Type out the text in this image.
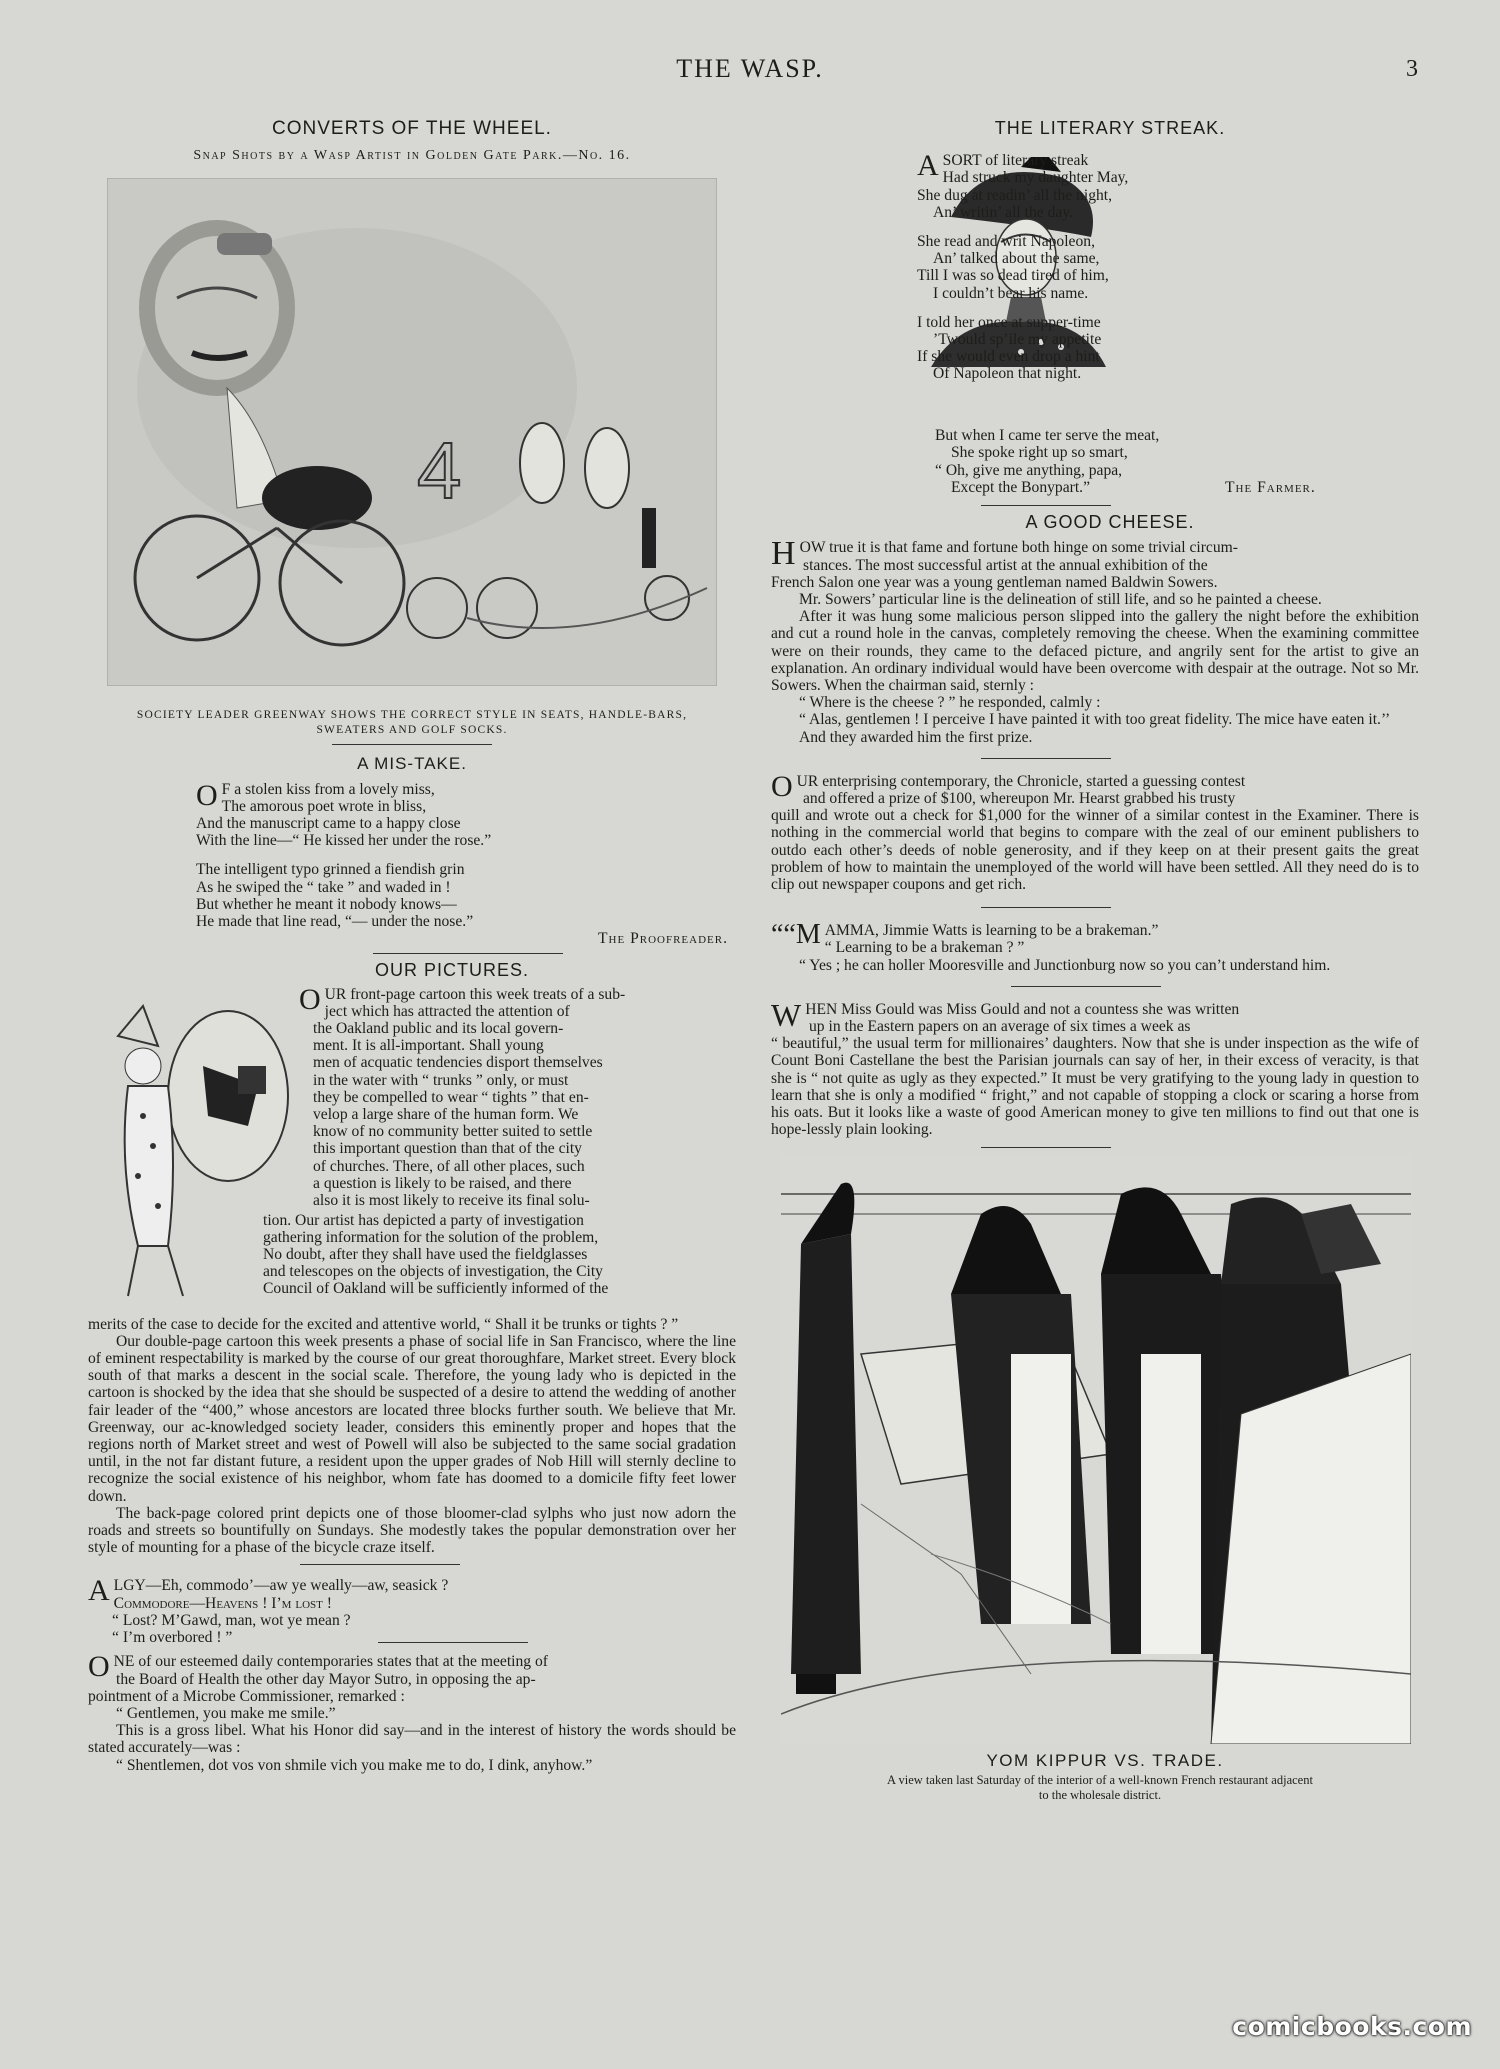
THE WASP.	3
CONVERTS OF THE WHEEL.
Snap Shots by a Wasp Artist in Golden Gate Park.—No. 16.
4
SOCIETY LEADER GREENWAY SHOWS THE CORRECT STYLE IN SEATS, HANDLE-BARS,
SWEATERS AND GOLF SOCKS.
A MIS-TAKE.
O F a stolen kiss from a lovely miss,
The amorous poet wrote in bliss,
And the manuscript came to a happy close
With the line—“ He kissed her under the rose.”
The intelligent typo grinned a fiendish grin
As he swiped the “ take ” and waded in !
But whether he meant it nobody knows—
He made that line read, “— under the nose.”
The Proofreader.
OUR PICTURES.
OUR front-page cartoon this week treats of a sub-
ject which has attracted the attention of
the Oakland public and its local govern-
ment. It is all-important. Shall young
men of acquatic tendencies disport themselves
in the water with “ trunks ” only, or must
they be compelled to wear “ tights ” that en-
velop a large share of the human form. We
know of no community better suited to settle
this important question than that of the city
of churches. There, of all other places, such
a question is likely to be raised, and there
also it is most likely to receive its final solu-
tion. Our artist has depicted a party of investigation
gathering information for the solution of the problem,
No doubt, after they shall have used the fieldglasses
and telescopes on the objects of investigation, the City
Council of Oakland will be sufficiently informed of the

merits of the case to decide for the excited and attentive world, “ Shall it be trunks or tights ? ”

Our double-page cartoon this week presents a phase of social life in San Francisco, where the line of eminent respectability is marked by the course of our great thoroughfare, Market street. Every block south of that marks a descent in the social scale. Therefore, the young lady who is depicted in the cartoon is shocked by the idea that she should be suspected of a desire to attend the wedding of another fair leader of the “400,” whose ancestors are located three blocks further south. We believe that Mr. Greenway, our ac-knowledged society leader, considers this eminently proper and hopes that the regions north of Market street and west of Powell will also be subjected to the same social gradation until, in the not far distant future, a resident upon the upper grades of Nob Hill will sternly decline to recognize the social existence of his neighbor, whom fate has doomed to a domicile fifty feet lower down.

The back-page colored print depicts one of those bloomer-clad sylphs who just now adorn the roads and streets so bountifully on Sundays. She modestly takes the popular demonstration over her style of mounting for a phase of the bicycle craze itself.

ALGY—Eh, commodo’—aw ye weally—aw, seasick ?
Commodore—Heavens ! I’m lost !
“ Lost? M’Gawd, man, wot ye mean ?
“ I’m overbored ! ”
ONE of our esteemed daily contemporaries states that at the meeting of
the Board of Health the other day Mayor Sutro, in opposing the ap-

pointment of a Microbe Commissioner, remarked :

“ Gentlemen, you make me smile.”

This is a gross libel. What his Honor did say—and in the interest of history the words should be stated accurately—was :

“ Shentlemen, dot vos von shmile vich you make me to do, I dink, anyhow.”

THE LITERARY STREAK.
A SORT of literary streak
Had struck my daughter May,
She dug at readin’ all the night,
An’ writin’ all the day.
She read and writ Napoleon,
An’ talked about the same,
Till I was so dead tired of him,
I couldn’t bear his name.
I told her once at supper-time
’Twould sp’ile my appetite
If she would even drop a hint
Of Napoleon that night.
But when I came ter serve the meat,
She spoke right up so smart,
“ Oh, give me anything, papa,
Except the Bonypart.”	The Farmer.
A GOOD CHEESE.
HOW true it is that fame and fortune both hinge on some trivial circum-
stances. The most successful artist at the annual exhibition of the

French Salon one year was a young gentleman named Baldwin Sowers.

Mr. Sowers’ particular line is the delineation of still life, and so he painted a cheese.

After it was hung some malicious person slipped into the gallery the night before the exhibition and cut a round hole in the canvas, completely removing the cheese. When the examining committee were on their rounds, they came to the defaced picture, and angrily sent for the artist to give an explanation. An ordinary individual would have been overcome with despair at the outrage. Not so Mr. Sowers. When the chairman said, sternly :

“ Where is the cheese ? ” he responded, calmly :

“ Alas, gentlemen ! I perceive I have painted it with too great fidelity. The mice have eaten it.’’

And they awarded him the first prize.

OUR enterprising contemporary, the Chronicle, started a guessing contest
and offered a prize of $100, whereupon Mr. Hearst grabbed his trusty

quill and wrote out a check for $1,000 for the winner of a similar contest in the Examiner. There is nothing in the commercial world that begins to compare with the zeal of our eminent publishers to outdo each other’s deeds of noble generosity, and if they keep on at their present gaits the great problem of how to maintain the unemployed of the world will have been settled. All they need do is to clip out newspaper coupons and get rich.

““M AMMA, Jimmie Watts is learning to be a brakeman.”
“ Learning to be a brakeman ? ”

“ Yes ; he can holler Mooresville and Junctionburg now so you can’t understand him.

WHEN Miss Gould was Miss Gould and not a countess she was written
up in the Eastern papers on an average of six times a week as

“ beautiful,” the usual term for millionaires’ daughters. Now that she is under inspection as the wife of Count Boni Castellane the best the Parisian journals can say of her, in their excess of veracity, is that she is “ not quite as ugly as they expected.” It must be very gratifying to the young lady in question to learn that she is only a modified “ fright,” and not capable of stopping a clock or scaring a horse from his oats. But it looks like a waste of good American money to give ten millions to find out that one is hope-lessly plain looking.

YOM KIPPUR VS. TRADE.
A view taken last Saturday of the interior of a well-known French restaurant adjacent
to the wholesale district.
comicbooks.com
